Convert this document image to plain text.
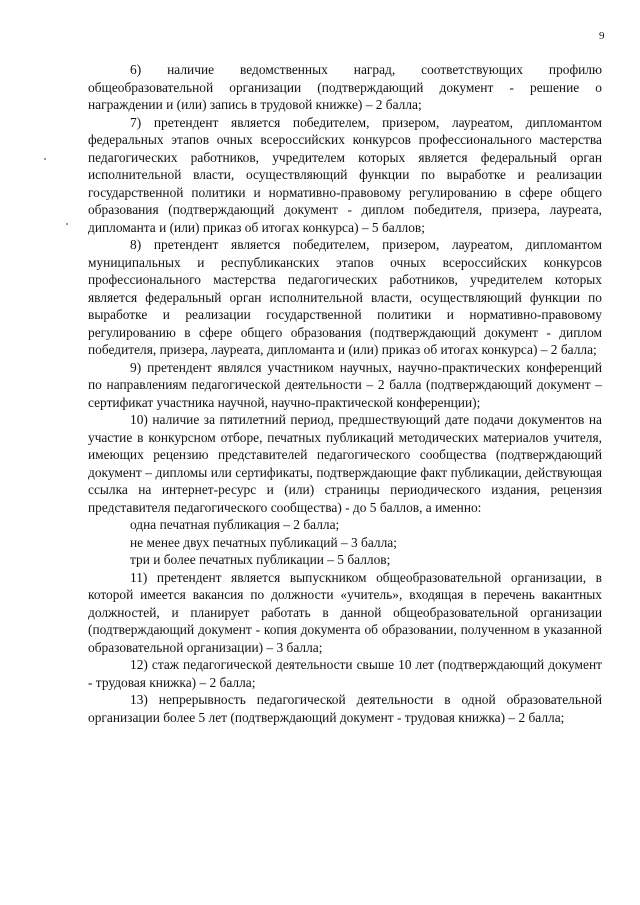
9

6) наличие ведомственных наград, соответствующих профилю общеобразовательной организации (подтверждающий документ - решение о награждении и (или) запись в трудовой книжке) – 2 балла;

7) претендент является победителем, призером, лауреатом, дипломантом федеральных этапов очных всероссийских конкурсов профессионального мастерства педагогических работников, учредителем которых является федеральный орган исполнительной власти, осуществляющий функции по выработке и реализации государственной политики и нормативно-правовому регулированию в сфере общего образования (подтверждающий документ - диплом победителя, призера, лауреата, дипломанта и (или) приказ об итогах конкурса) – 5 баллов;

8) претендент является победителем, призером, лауреатом, дипломантом муниципальных и республиканских этапов очных всероссийских конкурсов профессионального мастерства педагогических работников, учредителем которых является федеральный орган исполнительной власти, осуществляющий функции по выработке и реализации государственной политики и нормативно-правовому регулированию в сфере общего образования (подтверждающий документ - диплом победителя, призера, лауреата, дипломанта и (или) приказ об итогах конкурса) – 2 балла;

9) претендент являлся участником научных, научно-практических конференций по направлениям педагогической деятельности – 2 балла (подтверждающий документ – сертификат участника научной, научно-практической конференции);

10) наличие за пятилетний период, предшествующий дате подачи документов на участие в конкурсном отборе, печатных публикаций методических материалов учителя, имеющих рецензию представителей педагогического сообщества (подтверждающий документ – дипломы или сертификаты, подтверждающие факт публикации, действующая ссылка на интернет-ресурс и (или) страницы периодического издания, рецензия представителя педагогического сообщества) - до 5 баллов, а именно:

одна печатная публикация – 2 балла;

не менее двух печатных публикаций – 3 балла;

три и более печатных публикации – 5 баллов;

11) претендент является выпускником общеобразовательной организации, в которой имеется вакансия по должности «учитель», входящая в перечень вакантных должностей, и планирует работать в данной общеобразовательной организации (подтверждающий документ - копия документа об образовании, полученном в указанной образовательной организации) – 3 балла;

12) стаж педагогической деятельности свыше 10 лет (подтверждающий документ - трудовая книжка) – 2 балла;

13) непрерывность педагогической деятельности в одной образовательной организации более 5 лет (подтверждающий документ - трудовая книжка) – 2 балла;
